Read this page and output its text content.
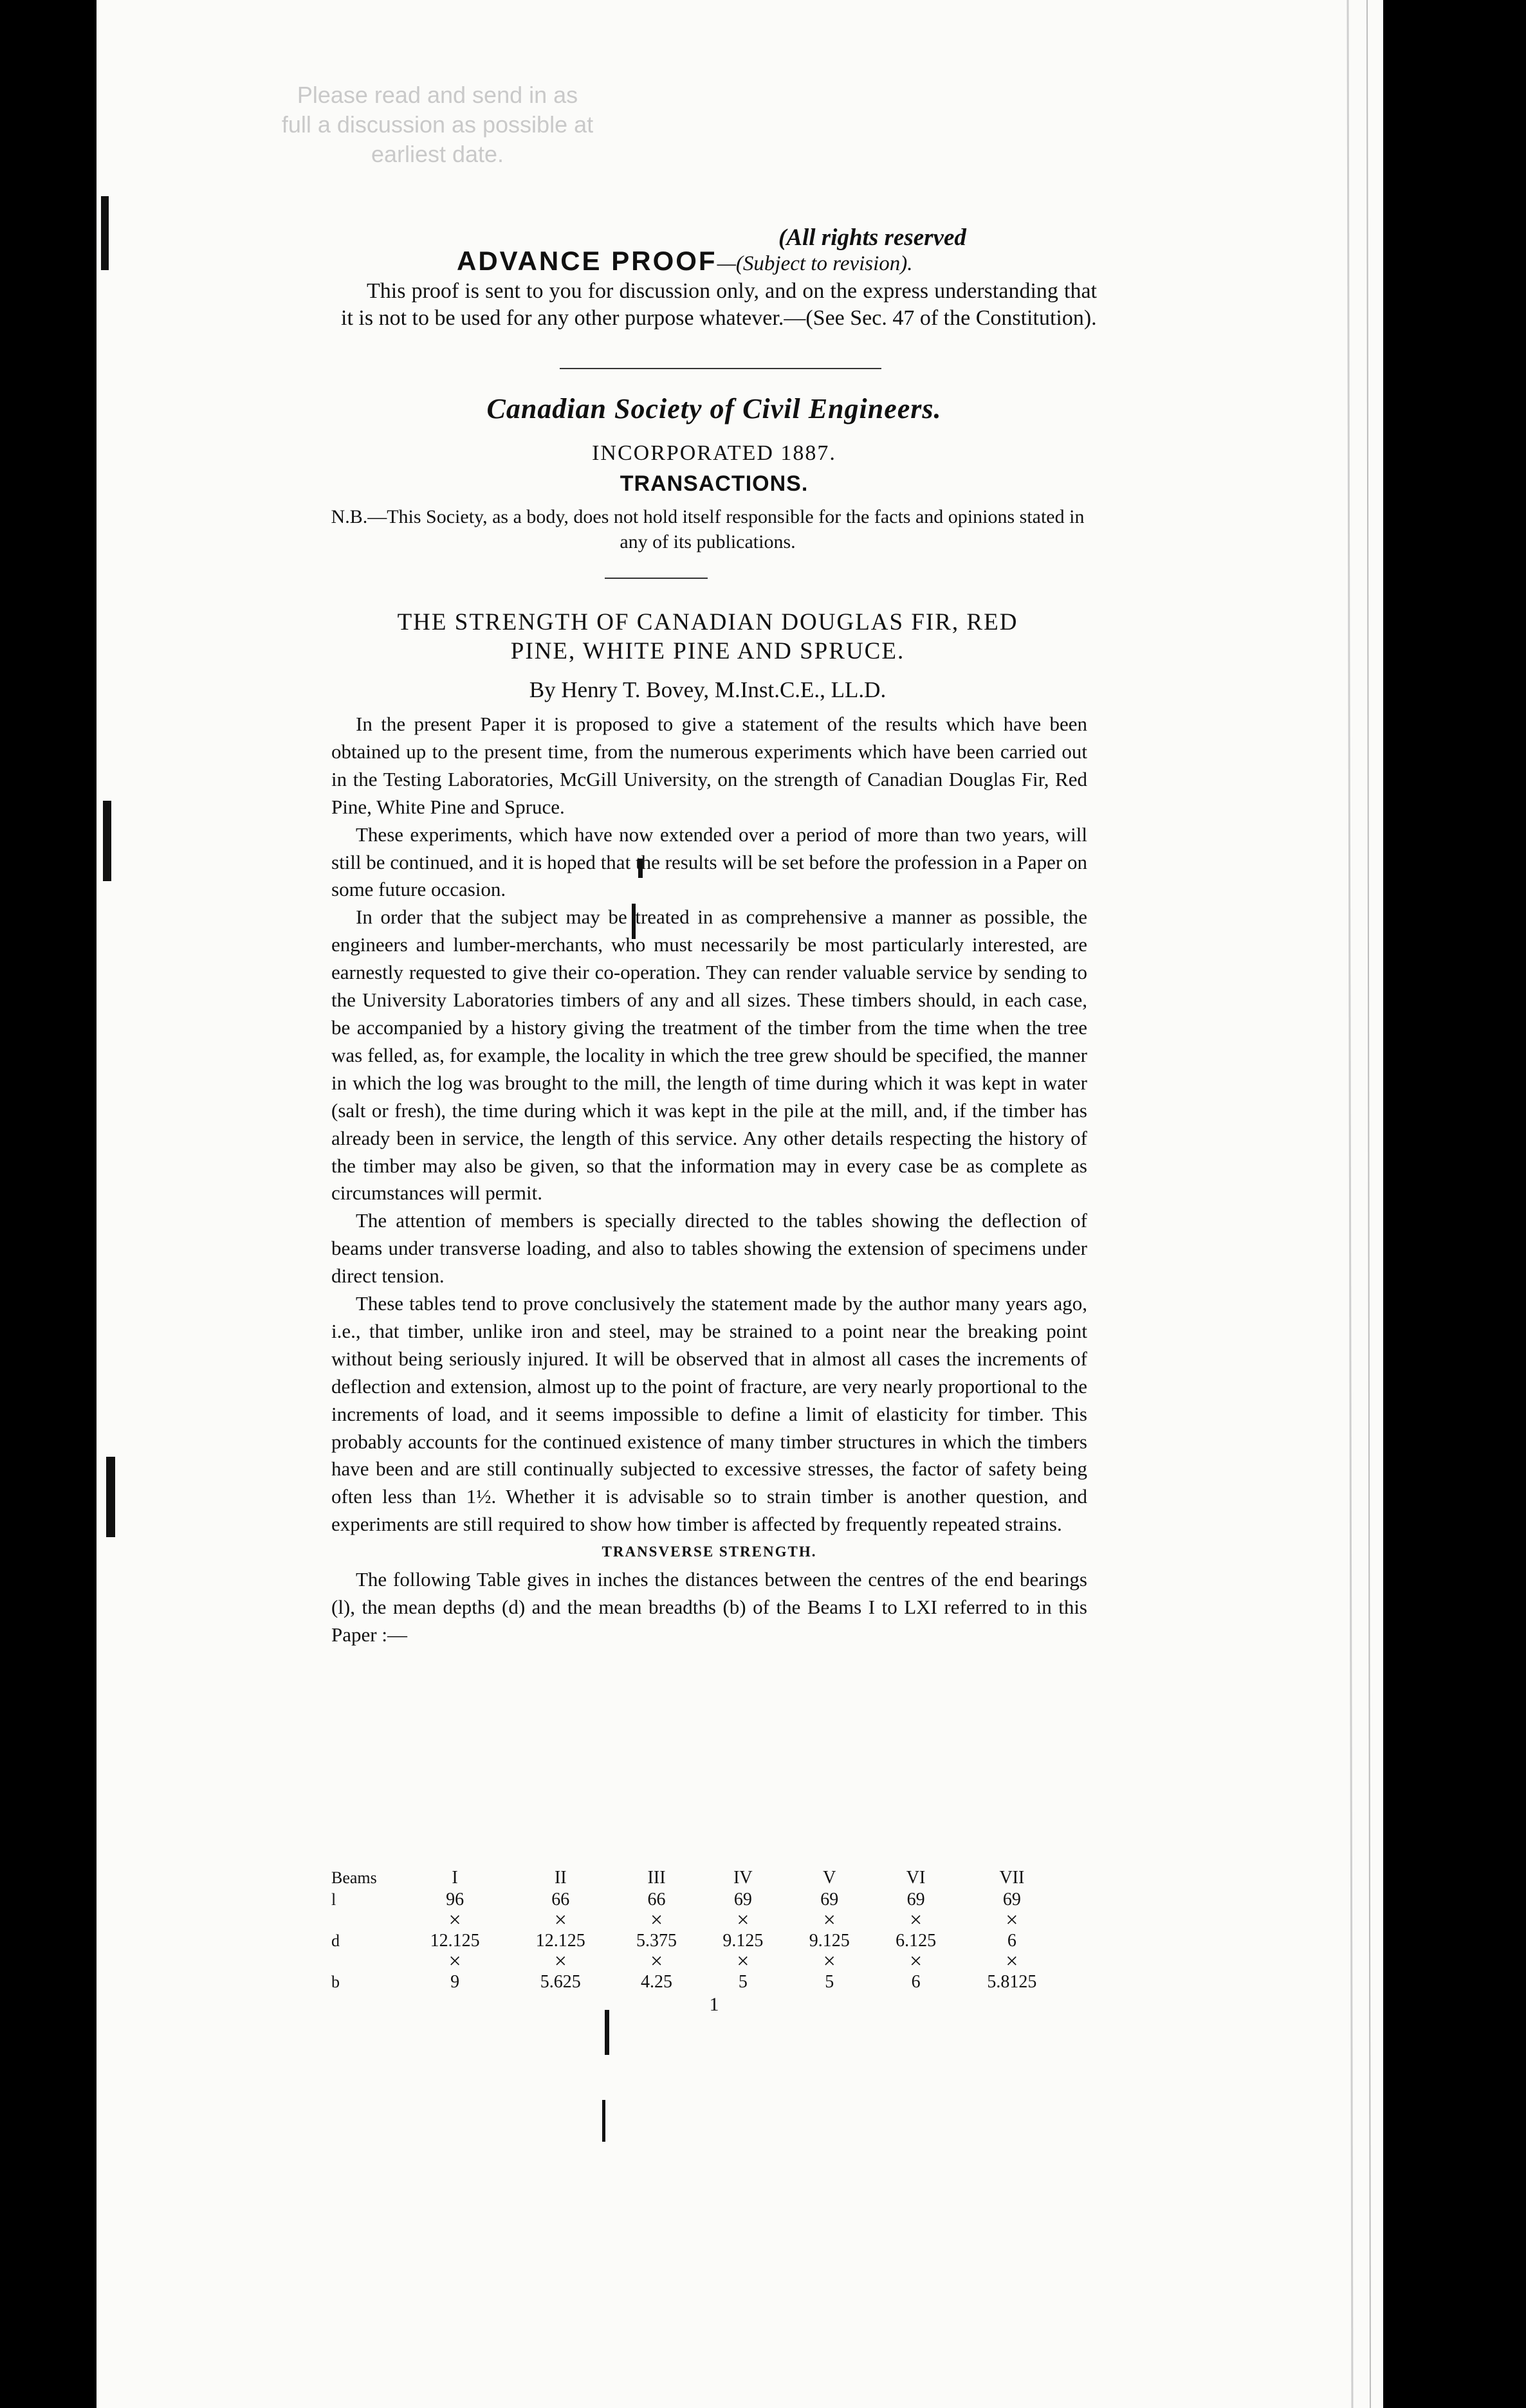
Please read and send in as
full a discussion as possible at
earliest date.
(All rights reserved
ADVANCE PROOF—(Subject to revision).

This proof is sent to you for discussion only, and on the express understanding that it is not to be used for any other purpose whatever.—(See Sec. 47 of the Constitution).

Canadian Society of Civil Engineers.
INCORPORATED 1887.
TRANSACTIONS.
N.B.—This Society, as a body, does not hold itself responsible for the facts and opinions stated in any of its publications.
THE STRENGTH OF CANADIAN DOUGLAS FIR, RED
PINE, WHITE PINE AND SPRUCE.
By Henry T. Bovey, M.Inst.C.E., LL.D.

In the present Paper it is proposed to give a statement of the results which have been obtained up to the present time, from the numerous experiments which have been carried out in the Testing Laboratories, McGill University, on the strength of Canadian Douglas Fir, Red Pine, White Pine and Spruce.

These experiments, which have now extended over a period of more than two years, will still be continued, and it is hoped that the results will be set before the profession in a Paper on some future occasion.

In order that the subject may be treated in as comprehensive a manner as possible, the engineers and lumber-merchants, who must necessarily be most particularly interested, are earnestly requested to give their co-operation. They can render valuable service by sending to the University Laboratories timbers of any and all sizes. These timbers should, in each case, be accompanied by a history giving the treatment of the timber from the time when the tree was felled, as, for example, the locality in which the tree grew should be specified, the manner in which the log was brought to the mill, the length of time during which it was kept in water (salt or fresh), the time during which it was kept in the pile at the mill, and, if the timber has already been in service, the length of this service. Any other details respecting the history of the timber may also be given, so that the information may in every case be as complete as circumstances will permit.

The attention of members is specially directed to the tables showing the deflection of beams under transverse loading, and also to tables showing the extension of specimens under direct tension.

These tables tend to prove conclusively the statement made by the author many years ago, i.e., that timber, unlike iron and steel, may be strained to a point near the breaking point without being seriously injured. It will be observed that in almost all cases the increments of deflection and extension, almost up to the point of fracture, are very nearly proportional to the increments of load, and it seems impossible to define a limit of elasticity for timber. This probably accounts for the continued existence of many timber structures in which the timbers have been and are still continually subjected to excessive stresses, the factor of safety being often less than 1½. Whether it is advisable so to strain timber is another question, and experiments are still required to show how timber is affected by frequently repeated strains.

TRANSVERSE STRENGTH.

The following Table gives in inches the distances between the centres of the end bearings (l), the mean depths (d) and the mean breadths (b) of the Beams I to LXI referred to in this Paper :—

Beams	I	II	III	IV	V	VI	VII
l	96	66	66	69	69	69	69
	×	×	×	×	×	×	×
d	12.125	12.125	5.375	9.125	9.125	6.125	6
	×	×	×	×	×	×	×
b	9	5.625	4.25	5	5	6	5.8125
1
